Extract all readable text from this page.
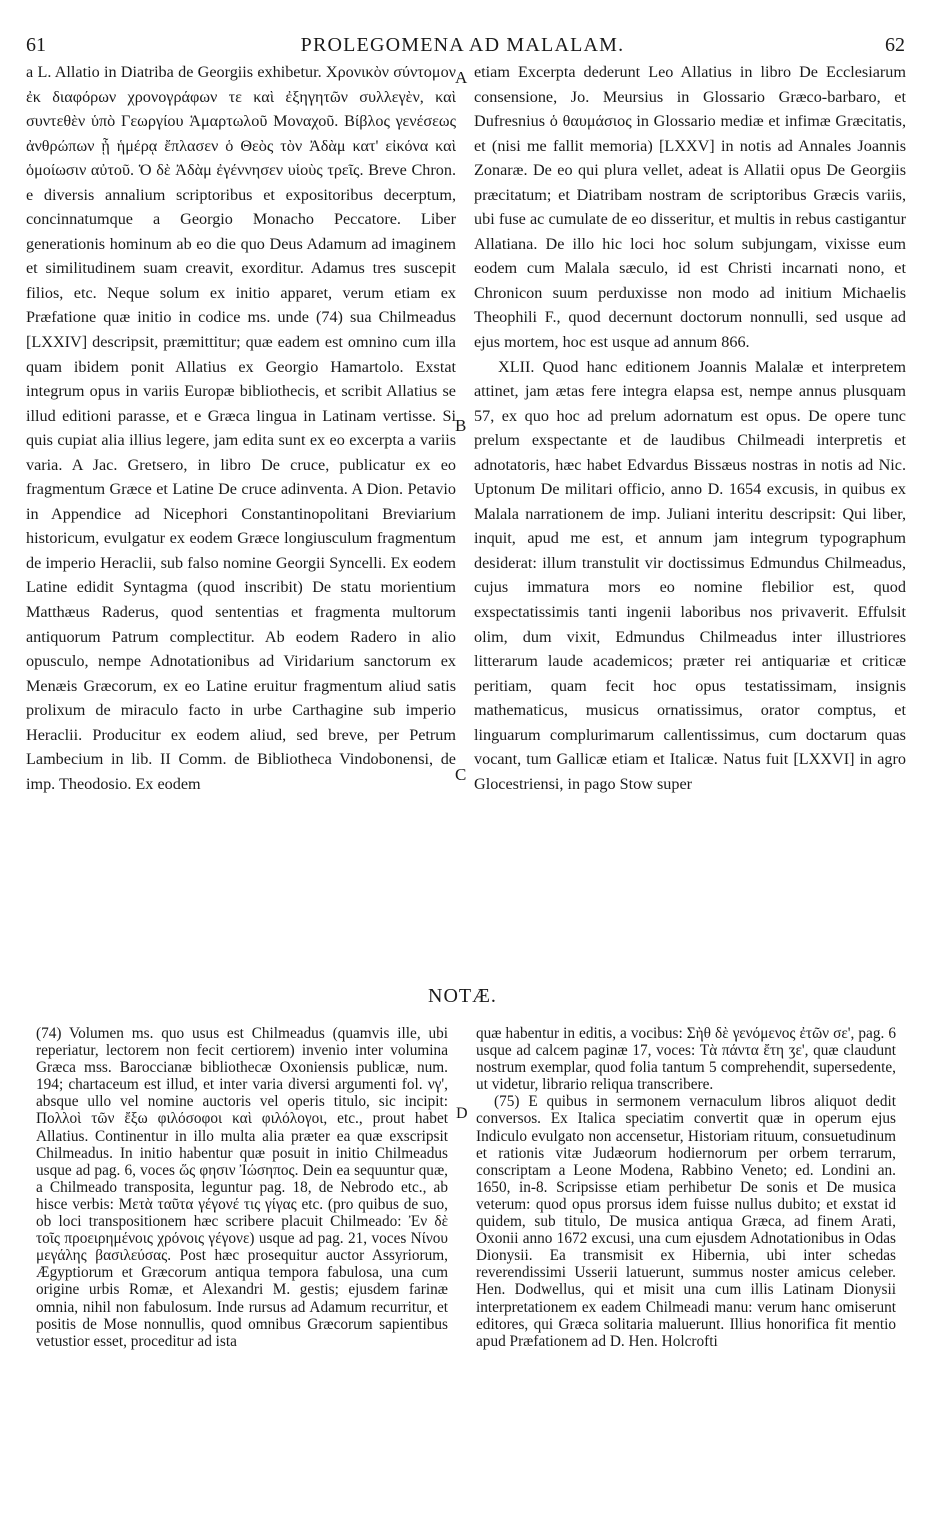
61	PROLEGOMENA AD MALALAM.	62

a L. Allatio in Diatriba de Georgiis exhibetur. Χρονικὸν σύντομον ἐκ διαφόρων χρονογράφων τε καὶ ἐξηγητῶν συλλεγὲν, καὶ συντεθὲν ὑπὸ Γεωργίου Ἁμαρτωλοῦ Μοναχοῦ. Βίβλος γενέσεως ἀνθρώπων ᾗ ἡμέρᾳ ἔπλασεν ὁ Θεὸς τὸν Ἀδὰμ κατ' εἰκόνα καὶ ὁμοίωσιν αὐτοῦ. Ὁ δὲ Ἀδὰμ ἐγέννησεν υἱοὺς τρεῖς. Breve Chron. e diversis annalium scriptoribus et expositoribus decerptum, concinnatumque a Georgio Monacho Peccatore. Liber generationis hominum ab eo die quo Deus Adamum ad imaginem et similitudinem suam creavit, exorditur. Adamus tres suscepit filios, etc. Neque solum ex initio apparet, verum etiam ex Præfatione quæ initio in codice ms. unde (74) sua Chilmeadus [LXXIV] descripsit, præmittitur; quæ eadem est omnino cum illa quam ibidem ponit Allatius ex Georgio Hamartolo. Exstat integrum opus in variis Europæ bibliothecis, et scribit Allatius se illud editioni parasse, et e Græca lingua in Latinam vertisse. Si quis cupiat alia illius legere, jam edita sunt ex eo excerpta a variis varia. A Jac. Gretsero, in libro De cruce, publicatur ex eo fragmentum Græce et Latine De cruce adinventa. A Dion. Petavio in Appendice ad Nicephori Constantinopolitani Breviarium historicum, evulgatur ex eodem Græce longiusculum fragmentum de imperio Heraclii, sub falso nomine Georgii Syncelli. Ex eodem Latine edidit Syntagma (quod inscribit) De statu morientium Matthæus Raderus, quod sententias et fragmenta multorum antiquorum Patrum complectitur. Ab eodem Radero in alio opusculo, nempe Adnotationibus ad Viridarium sanctorum ex Menæis Græcorum, ex eo Latine eruitur fragmentum aliud satis prolixum de miraculo facto in urbe Carthagine sub imperio Heraclii. Producitur ex eodem aliud, sed breve, per Petrum Lambecium in lib. II Comm. de Bibliotheca Vindobonensi, de imp. Theodosio. Ex eodem

A
B
C

etiam Excerpta dederunt Leo Allatius in libro De Ecclesiarum consensione, Jo. Meursius in Glossario Græco-barbaro, et Dufresnius ὁ θαυμάσιος in Glossario mediæ et infimæ Græcitatis, et (nisi me fallit memoria) [LXXV] in notis ad Annales Joannis Zonaræ. De eo qui plura vellet, adeat is Allatii opus De Georgiis præcitatum; et Diatribam nostram de scriptoribus Græcis variis, ubi fuse ac cumulate de eo disseritur, et multis in rebus castigantur Allatiana. De illo hic loci hoc solum subjungam, vixisse eum eodem cum Malala sæculo, id est Christi incarnati nono, et Chronicon suum perduxisse non modo ad initium Michaelis Theophili F., quod decernunt doctorum nonnulli, sed usque ad ejus mortem, hoc est usque ad annum 866.

XLII. Quod hanc editionem Joannis Malalæ et interpretem attinet, jam ætas fere integra elapsa est, nempe annus plusquam 57, ex quo hoc ad prelum adornatum est opus. De opere tunc prelum exspectante et de laudibus Chilmeadi interpretis et adnotatoris, hæc habet Edvardus Bissæus nostras in notis ad Nic. Uptonum De militari officio, anno D. 1654 excusis, in quibus ex Malala narrationem de imp. Juliani interitu descripsit: Qui liber, inquit, apud me est, et annum jam integrum typographum desiderat: illum transtulit vir doctissimus Edmundus Chilmeadus, cujus immatura mors eo nomine flebilior est, quod exspectatissimis tanti ingenii laboribus nos privaverit. Effulsit olim, dum vixit, Edmundus Chilmeadus inter illustriores litterarum laude academicos; præter rei antiquariæ et criticæ peritiam, quam fecit hoc opus testatissimam, insignis mathematicus, musicus ornatissimus, orator comptus, et linguarum complurimarum callentissimus, cum doctarum quas vocant, tum Gallicæ etiam et Italicæ. Natus fuit [LXXVI] in agro Glocestriensi, in pago Stow super

NOTÆ.

(74) Volumen ms. quo usus est Chilmeadus (quamvis ille, ubi reperiatur, lectorem non fecit certiorem) invenio inter volumina Græca mss. Baroccianæ bibliothecæ Oxoniensis publicæ, num. 194; chartaceum est illud, et inter varia diversi argumenti fol. νγ', absque ullo vel nomine auctoris vel operis titulo, sic incipit: Πολλοὶ τῶν ἔξω φιλόσοφοι καὶ φιλόλογοι, etc., prout habet Allatius. Continentur in illo multa alia præter ea quæ exscripsit Chilmeadus. In initio habentur quæ posuit in initio Chilmeadus usque ad pag. 6, voces ὥς φησιν Ἰώσηπος. Dein ea sequuntur quæ, a Chilmeado transposita, leguntur pag. 18, de Nebrodo etc., ab hisce verbis: Μετὰ ταῦτα γέγονέ τις γίγας etc. (pro quibus de suo, ob loci transpositionem hæc scribere placuit Chilmeado: Ἐν δὲ τοῖς προειρημένοις χρόνοις γέγονε) usque ad pag. 21, voces Νίνου μεγάλης βασιλεύσας. Post hæc prosequitur auctor Assyriorum, Ægyptiorum et Græcorum antiqua tempora fabulosa, una cum origine urbis Romæ, et Alexandri M. gestis; ejusdem farinæ omnia, nihil non fabulosum. Inde rursus ad Adamum recurritur, et positis de Mose nonnullis, quod omnibus Græcorum sapientibus vetustior esset, proceditur ad ista

D

quæ habentur in editis, a vocibus: Σὴθ δὲ γενόμενος ἐτῶν σε', pag. 6 usque ad calcem paginæ 17, voces: Τὰ πάντα ἔτη ʒε', quæ claudunt nostrum exemplar, quod folia tantum 5 comprehendit, supersedente, ut videtur, librario reliqua transcribere.

(75) E quibus in sermonem vernaculum libros aliquot dedit conversos. Ex Italica speciatim convertit quæ in operum ejus Indiculo evulgato non accensetur, Historiam rituum, consuetudinum et rationis vitæ Judæorum hodiernorum per orbem terrarum, conscriptam a Leone Modena, Rabbino Veneto; ed. Londini an. 1650, in-8. Scripsisse etiam perhibetur De sonis et De musica veterum: quod opus prorsus idem fuisse nullus dubito; et exstat id quidem, sub titulo, De musica antiqua Græca, ad finem Arati, Oxonii anno 1672 excusi, una cum ejusdem Adnotationibus in Odas Dionysii. Ea transmisit ex Hibernia, ubi inter schedas reverendissimi Usserii latuerunt, summus noster amicus celeber. Hen. Dodwellus, qui et misit una cum illis Latinam Dionysii interpretationem ex eadem Chilmeadi manu: verum hanc omiserunt editores, qui Græca solitaria maluerunt. Illius honorifica fit mentio apud Præfationem ad D. Hen. Holcrofti
